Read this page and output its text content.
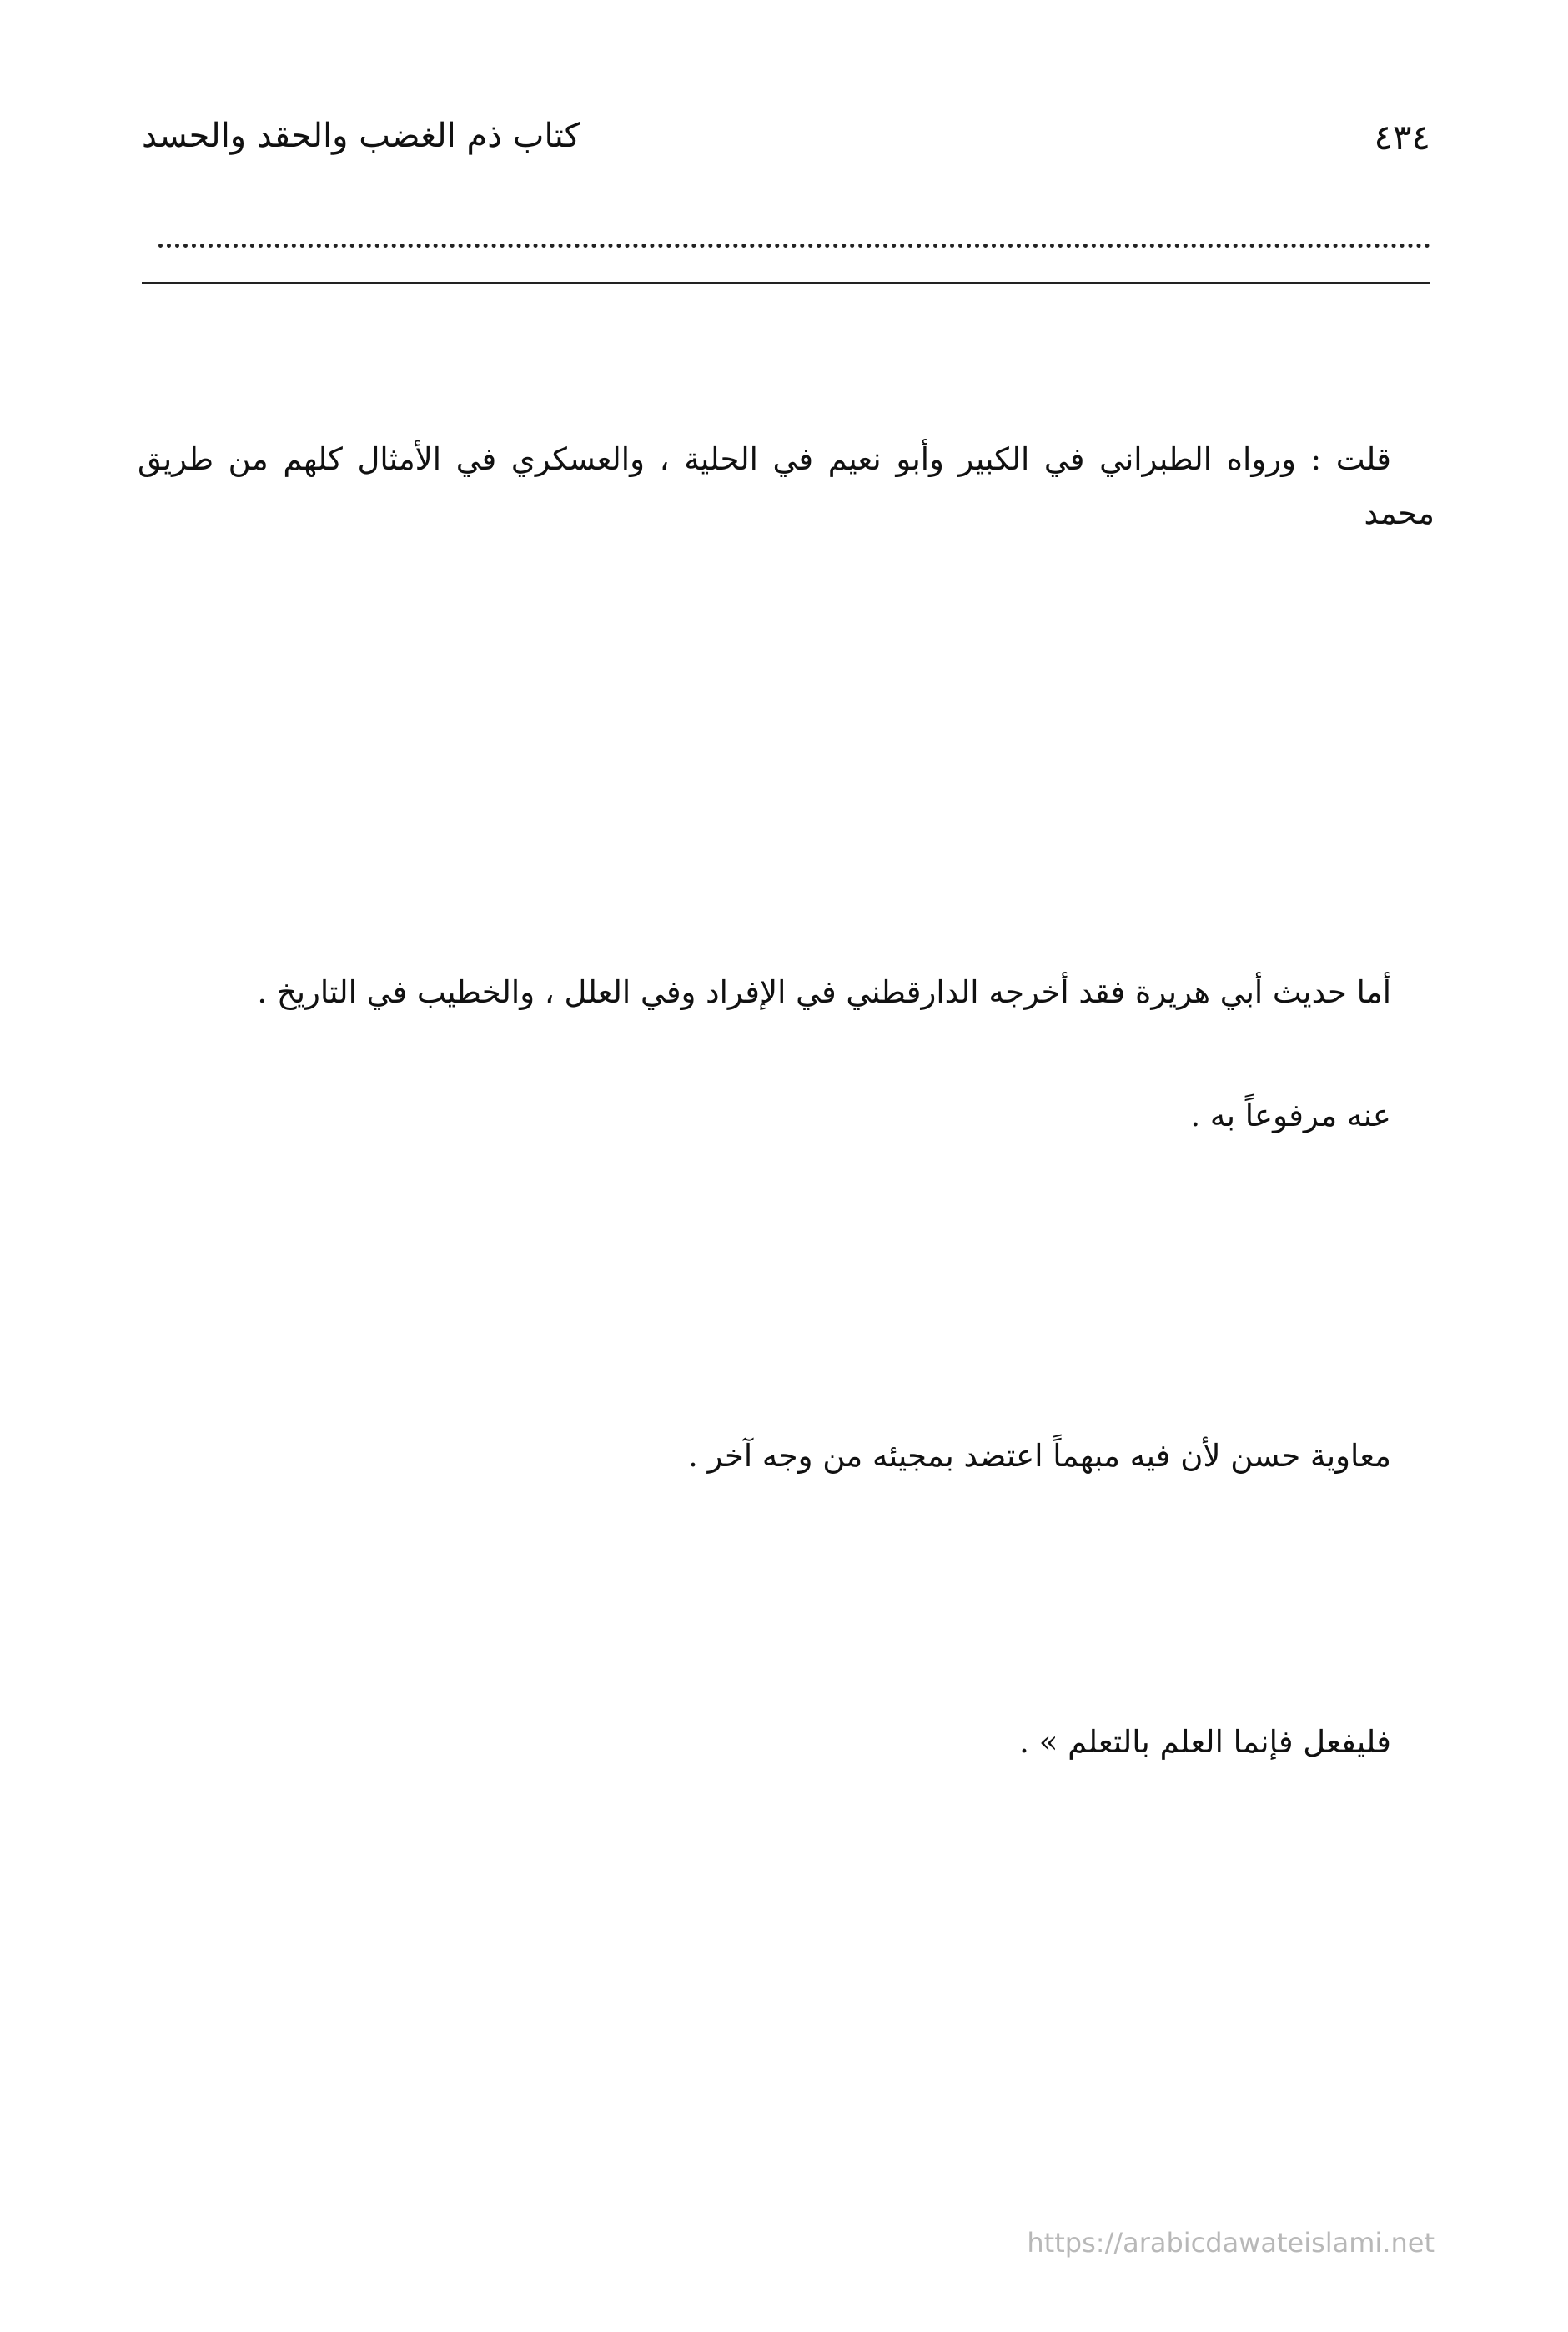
كتاب ذم الغضب والحقد والحسد	٤٣٤
قلت : ورواه الطبراني في الكبير وأبو نعيم في الحلية ، والعسكري في الأمثال كلهم من طريق محمد
أما حديث أبي هريرة فقد أخرجه الدارقطني في الإفراد وفي العلل ، والخطيب في التاريخ .
عنه مرفوعاً به .
معاوية حسن لأن فيه مبهماً اعتضد بمجيئه من وجه آخر .
فليفعل فإنما العلم بالتعلم » .
https://arabicdawateislami.net
